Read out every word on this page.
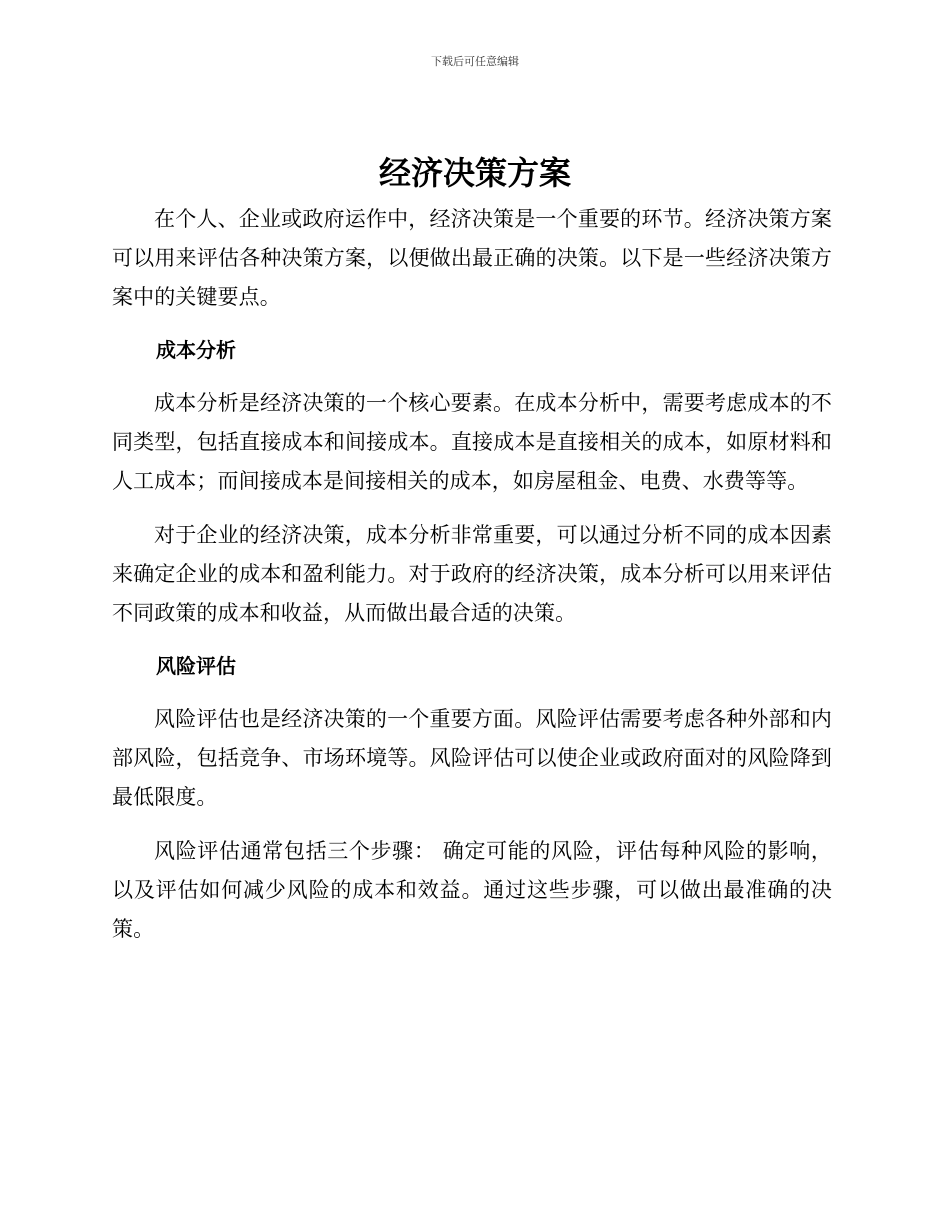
下载后可任意编辑
经济决策方案

在个人、企业或政府运作中，经济决策是一个重要的环节。经济决策方案可以用来评估各种决策方案，以便做出最正确的决策。以下是一些经济决策方案中的关键要点。

成本分析

成本分析是经济决策的一个核心要素。在成本分析中，需要考虑成本的不同类型，包括直接成本和间接成本。直接成本是直接相关的成本，如原材料和人工成本；而间接成本是间接相关的成本，如房屋租金、电费、水费等等。

对于企业的经济决策，成本分析非常重要，可以通过分析不同的成本因素来确定企业的成本和盈利能力。对于政府的经济决策，成本分析可以用来评估不同政策的成本和收益，从而做出最合适的决策。

风险评估

风险评估也是经济决策的一个重要方面。风险评估需要考虑各种外部和内部风险，包括竞争、市场环境等。风险评估可以使企业或政府面对的风险降到最低限度。

风险评估通常包括三个步骤： 确定可能的风险，评估每种风险的影响，以及评估如何减少风险的成本和效益。通过这些步骤，可以做出最准确的决策。
